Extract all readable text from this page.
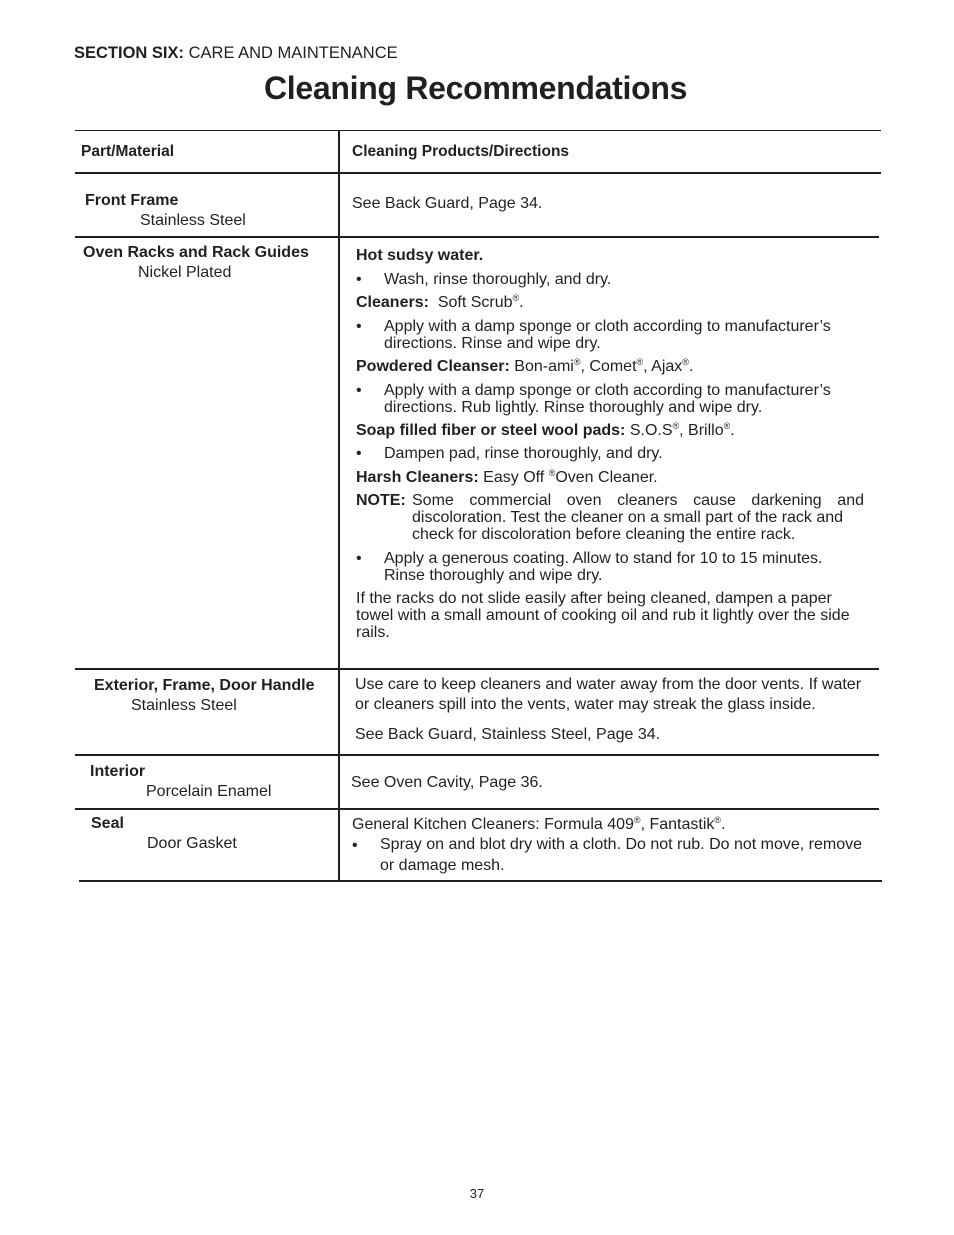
SECTION SIX: CARE AND MAINTENANCE
Cleaning Recommendations
Part/Material	Cleaning Products/Directions
Front Frame
Stainless Steel
See Back Guard, Page 34.
Oven Racks and Rack Guides
Nickel Plated
Hot sudsy water.
• Wash, rinse thoroughly, and dry.
Cleaners: Soft Scrub®.
• Apply with a damp sponge or cloth according to manufacturer’s
directions. Rinse and wipe dry.
Powdered Cleanser: Bon-ami®, Comet®, Ajax®.
• Apply with a damp sponge or cloth according to manufacturer’s
directions. Rub lightly. Rinse thoroughly and wipe dry.
Soap filled fiber or steel wool pads: S.O.S®, Brillo®.
• Dampen pad, rinse thoroughly, and dry.
Harsh Cleaners: Easy Off ®Oven Cleaner.
NOTE: Some commercial oven cleaners cause darkening and
discoloration. Test the cleaner on a small part of the rack and
check for discoloration before cleaning the entire rack.
• Apply a generous coating. Allow to stand for 10 to 15 minutes.
Rinse thoroughly and wipe dry.
If the racks do not slide easily after being cleaned, dampen a paper
towel with a small amount of cooking oil and rub it lightly over the side
rails.
Exterior, Frame, Door Handle
Stainless Steel
Use care to keep cleaners and water away from the door vents. If water
or cleaners spill into the vents, water may streak the glass inside.
See Back Guard, Stainless Steel, Page 34.
Interior
Porcelain Enamel
See Oven Cavity, Page 36.
Seal
Door Gasket
General Kitchen Cleaners: Formula 409®, Fantastik®.
• Spray on and blot dry with a cloth. Do not rub. Do not move, remove
or damage mesh.
37
